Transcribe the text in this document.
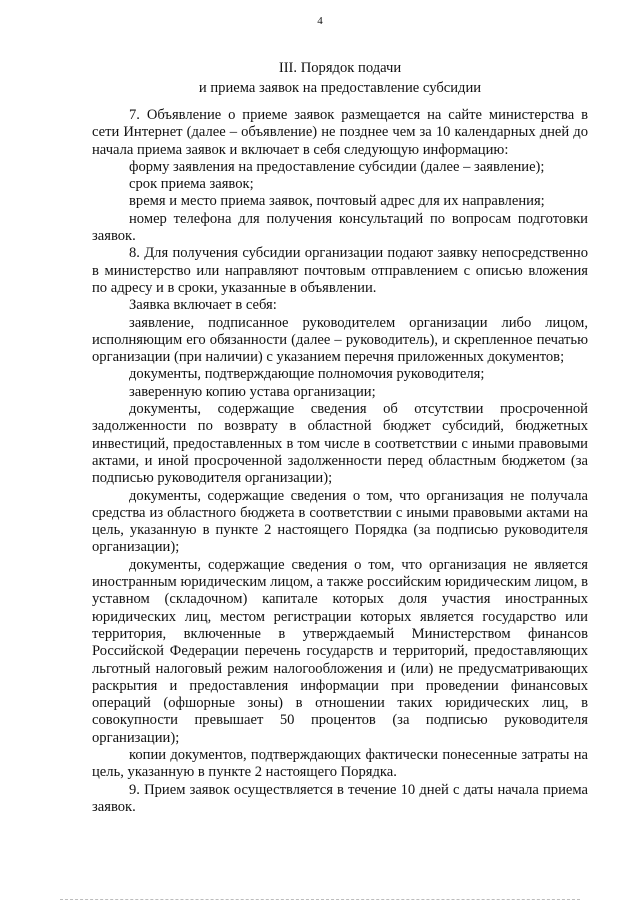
4
III. Порядок подачи
и приема заявок на предоставление субсидии

7. Объявление о приеме заявок размещается на сайте министерства в сети Интернет (далее – объявление) не позднее чем за 10 календарных дней до начала приема заявок и включает в себя следующую информацию:

форму заявления на предоставление субсидии (далее – заявление);

срок приема заявок;

время и место приема заявок, почтовый адрес для их направления;

номер телефона для получения консультаций по вопросам подготовки заявок.

8. Для получения субсидии организации подают заявку непосредственно в министерство или направляют почтовым отправлением с описью вложения по адресу и в сроки, указанные в объявлении.

Заявка включает в себя:

заявление, подписанное руководителем организации либо лицом, исполняющим его обязанности (далее – руководитель), и скрепленное печатью организации (при наличии) с указанием перечня приложенных документов;

документы, подтверждающие полномочия руководителя;

заверенную копию устава организации;

документы, содержащие сведения об отсутствии просроченной задолженности по возврату в областной бюджет субсидий, бюджетных инвестиций, предоставленных в том числе в соответствии с иными правовыми актами, и иной просроченной задолженности перед областным бюджетом (за подписью руководителя организации);

документы, содержащие сведения о том, что организация не получала средства из областного бюджета в соответствии с иными правовыми актами на цель, указанную в пункте 2 настоящего Порядка (за подписью руководителя организации);

документы, содержащие сведения о том, что организация не является иностранным юридическим лицом, а также российским юридическим лицом, в уставном (складочном) капитале которых доля участия иностранных юридических лиц, местом регистрации которых является государство или территория, включенные в утверждаемый Министерством финансов Российской Федерации перечень государств и территорий, предоставляющих льготный налоговый режим налогообложения и (или) не предусматривающих раскрытия и предоставления информации при проведении финансовых операций (офшорные зоны) в отношении таких юридических лиц, в совокупности превышает 50 процентов (за подписью руководителя организации);

копии документов, подтверждающих фактически понесенные затраты на цель, указанную в пункте 2 настоящего Порядка.

9. Прием заявок осуществляется в течение 10 дней с даты начала приема заявок.
